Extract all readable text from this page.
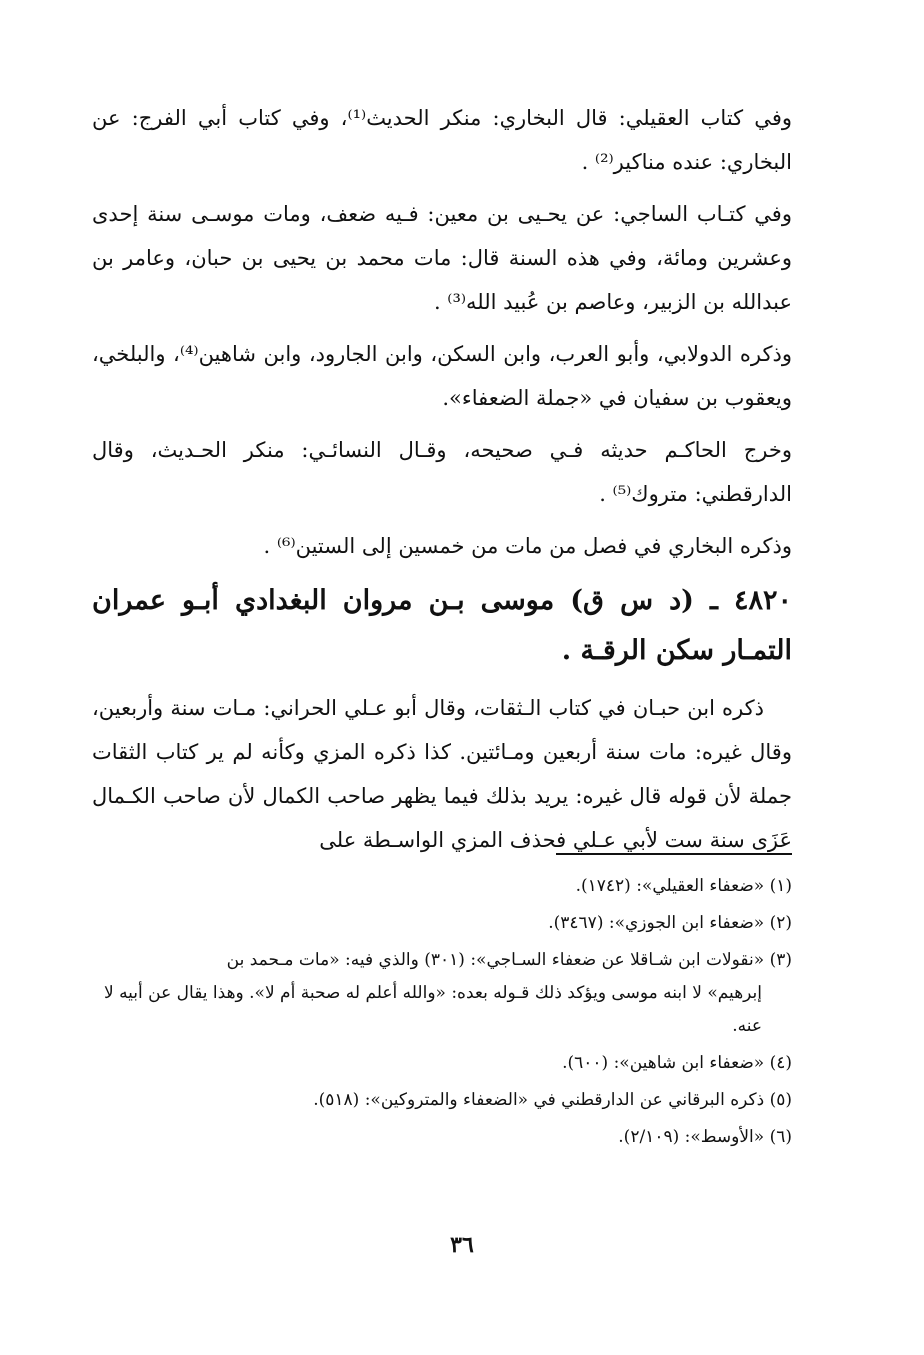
وفي كتاب العقيلي: قال البخاري: منكر الحديث⁽¹⁾، وفي كتاب أبي الفرج: عن البخاري: عنده مناكير⁽²⁾ .

وفي كتـاب الساجي: عن يحـيى بن معين: فـيه ضعف، ومات موسـى سنة إحدى وعشرين ومائة، وفي هذه السنة قال: مات محمد بن يحيى بن حبان، وعامر بن عبدالله بن الزبير، وعاصم بن عُبيد الله⁽³⁾ .

وذكره الدولابي، وأبو العرب، وابن السكن، وابن الجارود، وابن شاهين⁽⁴⁾، والبلخي، ويعقوب بن سفيان في «جملة الضعفاء».

وخرج الحاكـم حديثه فـي صحيحه، وقـال النسائـي: منكر الحـديث، وقال الدارقطني: متروك⁽⁵⁾ .

وذكره البخاري في فصل من مات من خمسين إلى الستين⁽⁶⁾ .

٤٨٢٠ ـ (د س ق) موسى بـن مروان البغدادي أبـو عمران التمـار سكن الرقـة .

ذكره ابن حبـان في كتاب الـثقات، وقال أبو عـلي الحراني: مـات سنة وأربعين، وقال غيره: مات سنة أربعين ومـائتين. كذا ذكره المزي وكأنه لم ير كتاب الثقات جملة لأن قوله قال غيره: يريد بذلك فيما يظهر صاحب الكمال لأن صاحب الكـمال عَزَى سنة ست لأبي عـلي فحذف المزي الواسـطة على

(١) «ضعفاء العقيلي»: (١٧٤٢).

(٢) «ضعفاء ابن الجوزي»: (٣٤٦٧).

(٣) «نقولات ابن شـاقلا عن ضعفاء السـاجي»: (٣٠١) والذي فيه: «مات مـحمد بن
إبرهيم» لا ابنه موسى ويؤكد ذلك قـوله بعده: «والله أعلم له صحبة أم لا». وهذا يقال عن أبيه لا عنه.

(٤) «ضعفاء ابن شاهين»: (٦٠٠).

(٥) ذكره البرقاني عن الدارقطني في «الضعفاء والمتروكين»: (٥١٨).

(٦) «الأوسط»: (٢/١٠٩).

٣٦
